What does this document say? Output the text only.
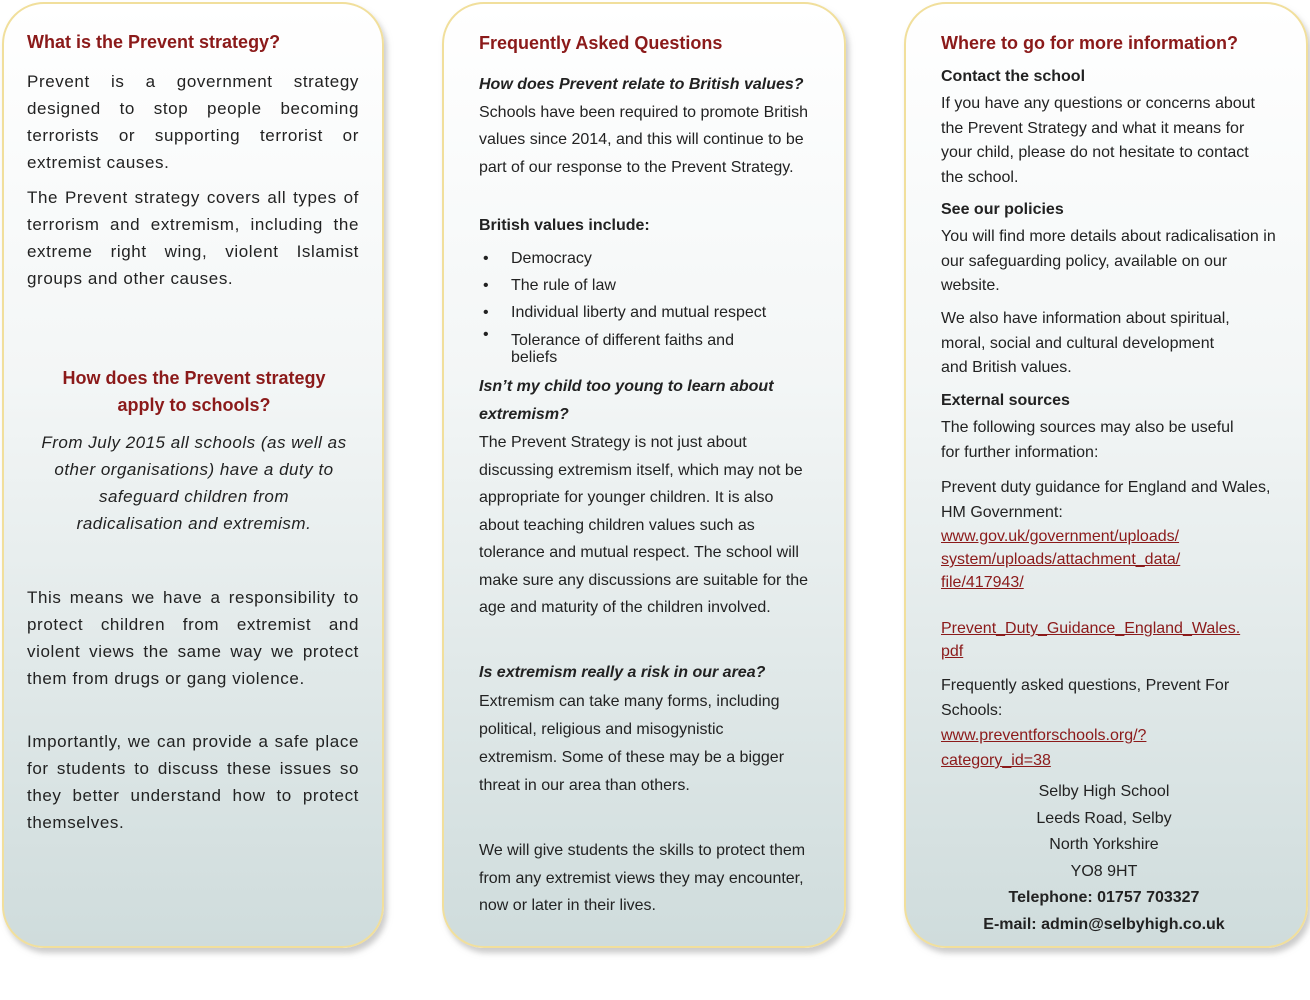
What is the Prevent strategy?

Prevent is a government strategy designed to stop people becoming terrorists or supporting terrorist or extremist causes.

The Prevent strategy covers all types of terrorism and extremism, including the extreme right wing, violent Islamist groups and other causes.

How does the Prevent strategy
apply to schools?
From July 2015 all schools (as well as
other organisations) have a duty to
safeguard children from
radicalisation and extremism.

This means we have a responsibility to protect children from extremist and violent views the same way we protect them from drugs or gang violence.

Importantly, we can provide a safe place for students to discuss these issues so they better understand how to protect themselves.

Frequently Asked Questions

How does Prevent relate to British values? Schools have been required to promote British values since 2014, and this will continue to be part of our response to the Prevent Strategy.

British values include:
• Democracy
• The rule of law
• Individual liberty and mutual respect
• Tolerance of different faiths and beliefs
Isn’t my child too young to learn about extremism?

The Prevent Strategy is not just about discussing extremism itself, which may not be appropriate for younger children. It is also about teaching children values such as tolerance and mutual respect. The school will make sure any discussions are suitable for the age and maturity of the children involved.

Is extremism really a risk in our area?

Extremism can take many forms, including political, religious and misogynistic extremism. Some of these may be a bigger threat in our area than others.

We will give students the skills to protect them from any extremist views they may encounter, now or later in their lives.

Where to go for more information?
Contact the school

If you have any questions or concerns about the Prevent Strategy and what it means for your child, please do not hesitate to contact the school.

See our policies

You will find more details about radicalisation in our safeguarding policy, available on our website.

We also have information about spiritual, moral, social and cultural development and British values.

External sources

The following sources may also be useful for further information:

Prevent duty guidance for England and Wales, HM Government:

www.gov.uk/government/uploads/
system/uploads/attachment_data/
file/417943/
Prevent_Duty_Guidance_England_Wales.
pdf

Frequently asked questions, Prevent For Schools:

www.preventforschools.org/?
category_id=38
Selby High School
Leeds Road, Selby
North Yorkshire
YO8 9HT
Telephone: 01757 703327
E-mail: admin@selbyhigh.co.uk
